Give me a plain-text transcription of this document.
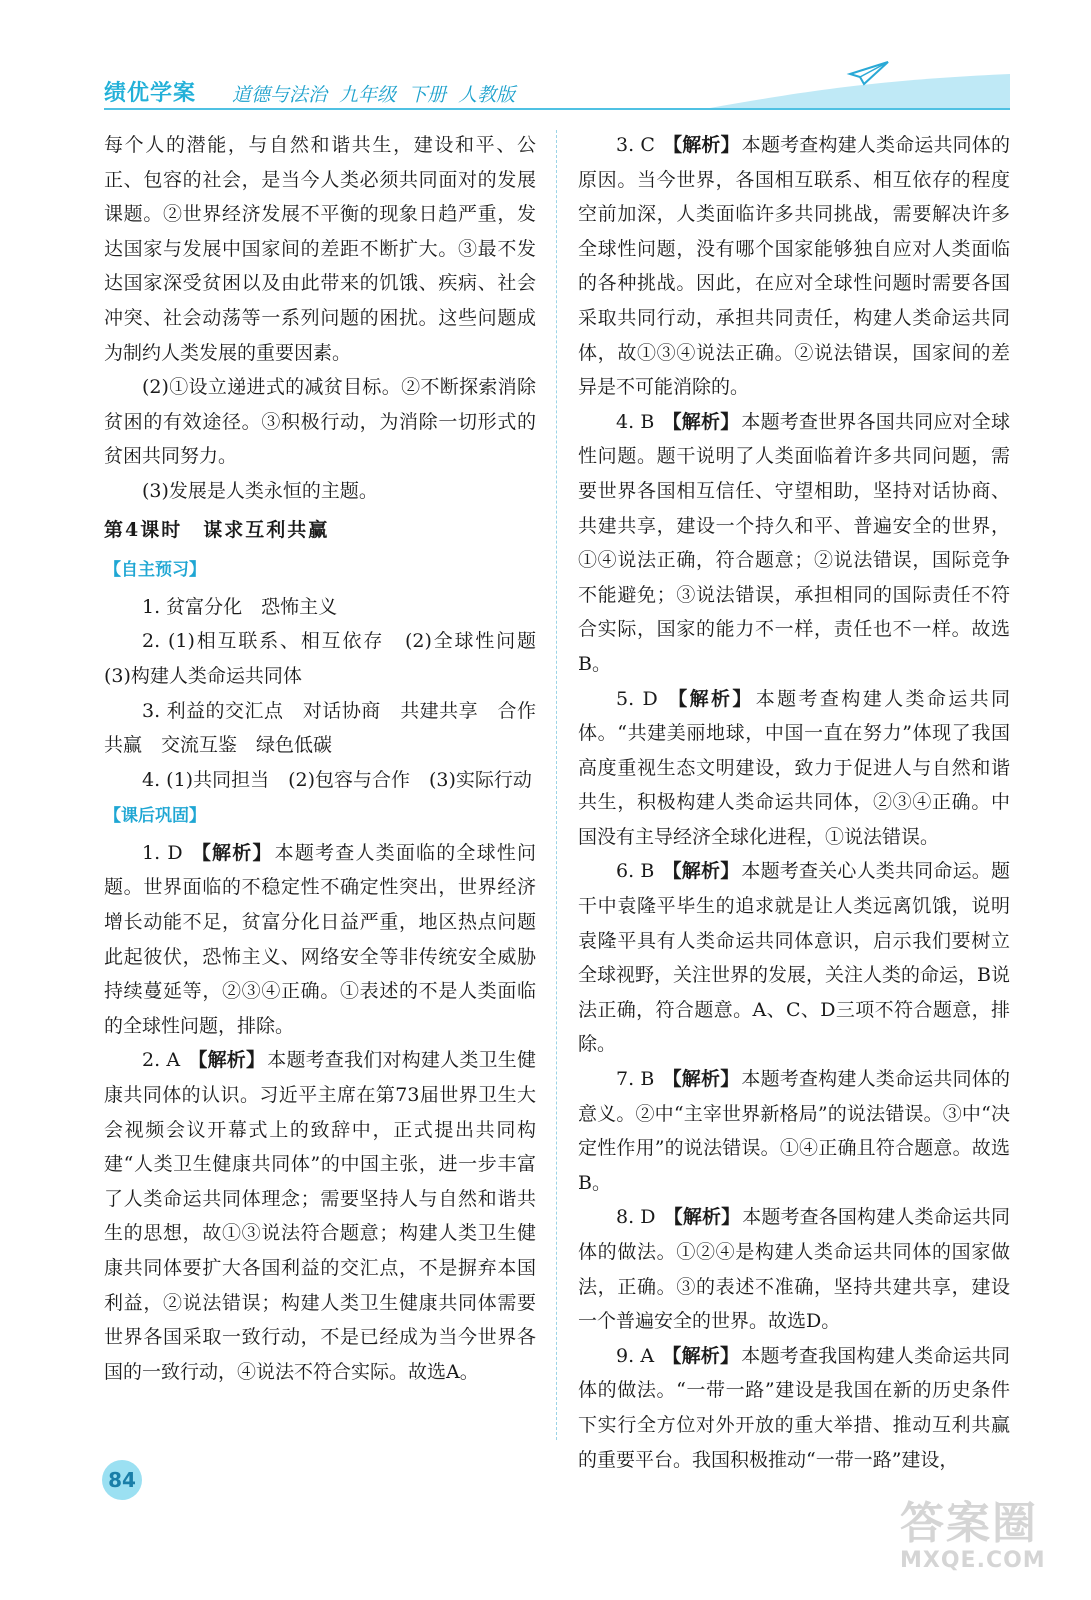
绩优学案 道德与法治 九年级 下册 人教版

每个人的潜能，与自然和谐共生，建设和平、公正、包容的社会，是当今人类必须共同面对的发展课题。②世界经济发展不平衡的现象日趋严重，发达国家与发展中国家间的差距不断扩大。③最不发达国家深受贫困以及由此带来的饥饿、疾病、社会冲突、社会动荡等一系列问题的困扰。这些问题成为制约人类发展的重要因素。

(2)①设立递进式的减贫目标。②不断探索消除贫困的有效途径。③积极行动，为消除一切形式的贫困共同努力。

(3)发展是人类永恒的主题。

第4课时　谋求互利共赢

【自主预习】

1. 贫富分化　恐怖主义

2. (1)相互联系、相互依存　(2)全球性问题　(3)构建人类命运共同体

3. 利益的交汇点　对话协商　共建共享　合作共赢　交流互鉴　绿色低碳

4. (1)共同担当　(2)包容与合作　(3)实际行动

【课后巩固】

1. D 【解析】 本题考查人类面临的全球性问题。世界面临的不稳定性不确定性突出，世界经济增长动能不足，贫富分化日益严重，地区热点问题此起彼伏，恐怖主义、网络安全等非传统安全威胁持续蔓延等，②③④正确。①表述的不是人类面临的全球性问题，排除。

2. A 【解析】 本题考查我们对构建人类卫生健康共同体的认识。习近平主席在第73届世界卫生大会视频会议开幕式上的致辞中，正式提出共同构建“人类卫生健康共同体”的中国主张，进一步丰富了人类命运共同体理念；需要坚持人与自然和谐共生的思想，故①③说法符合题意；构建人类卫生健康共同体要扩大各国利益的交汇点，不是摒弃本国利益，②说法错误；构建人类卫生健康共同体需要世界各国采取一致行动，不是已经成为当今世界各国的一致行动，④说法不符合实际。故选A。

3. C 【解析】 本题考查构建人类命运共同体的原因。当今世界，各国相互联系、相互依存的程度空前加深，人类面临许多共同挑战，需要解决许多全球性问题，没有哪个国家能够独自应对人类面临的各种挑战。因此，在应对全球性问题时需要各国采取共同行动，承担共同责任，构建人类命运共同体，故①③④说法正确。②说法错误，国家间的差异是不可能消除的。

4. B 【解析】 本题考查世界各国共同应对全球性问题。题干说明了人类面临着许多共同问题，需要世界各国相互信任、守望相助，坚持对话协商、共建共享，建设一个持久和平、普遍安全的世界，①④说法正确，符合题意；②说法错误，国际竞争不能避免；③说法错误，承担相同的国际责任不符合实际，国家的能力不一样，责任也不一样。故选B。

5. D 【解析】 本题考查构建人类命运共同体。“共建美丽地球，中国一直在努力”体现了我国高度重视生态文明建设，致力于促进人与自然和谐共生，积极构建人类命运共同体，②③④正确。中国没有主导经济全球化进程，①说法错误。

6. B 【解析】 本题考查关心人类共同命运。题干中袁隆平毕生的追求就是让人类远离饥饿，说明袁隆平具有人类命运共同体意识，启示我们要树立全球视野，关注世界的发展，关注人类的命运，B说法正确，符合题意。A、C、D三项不符合题意，排除。

7. B 【解析】 本题考查构建人类命运共同体的意义。②中“主宰世界新格局”的说法错误。③中“决定性作用”的说法错误。①④正确且符合题意。故选B。

8. D 【解析】 本题考查各国构建人类命运共同体的做法。①②④是构建人类命运共同体的国家做法，正确。③的表述不准确，坚持共建共享，建设一个普遍安全的世界。故选D。

9. A 【解析】 本题考查我国构建人类命运共同体的做法。“一带一路”建设是我国在新的历史条件下实行全方位对外开放的重大举措、推动互利共赢的重要平台。我国积极推动“一带一路”建设，

84
答案圈
MXQE.COM
